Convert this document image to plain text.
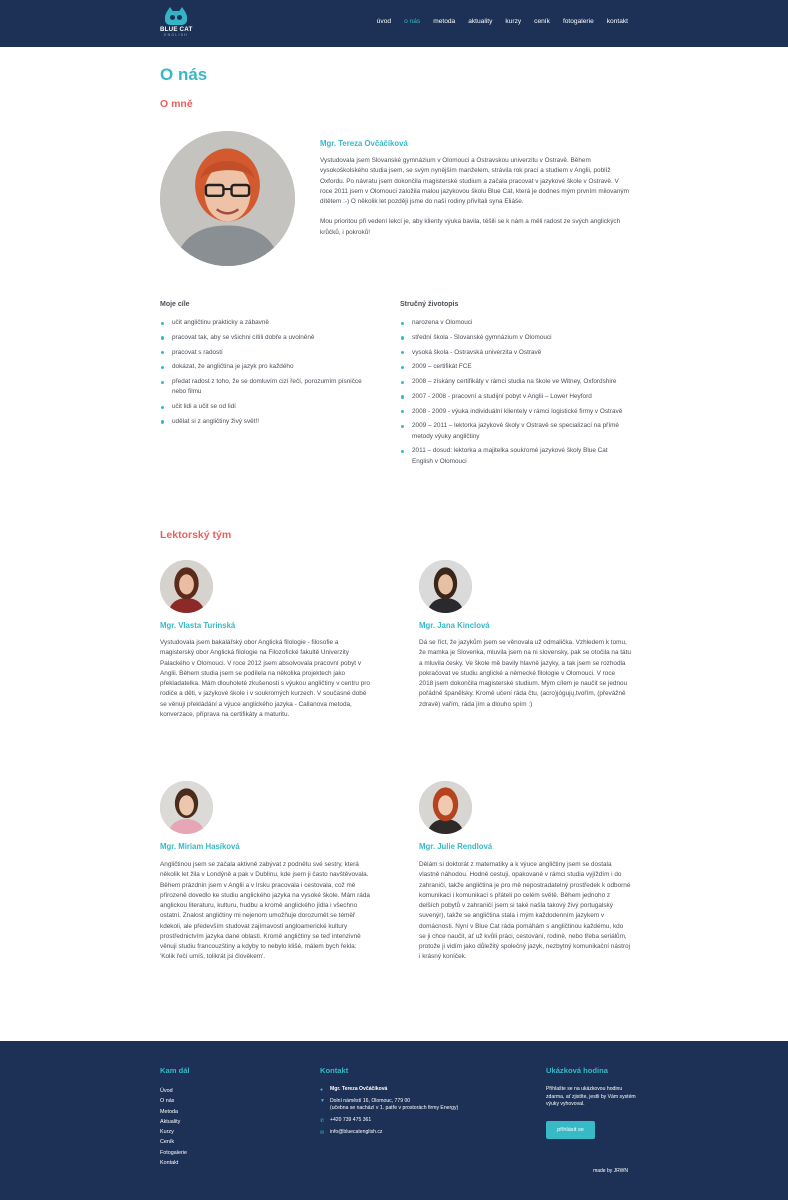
BLUE CAT
ENGLISH
úvod o nás metoda aktuality kurzy ceník fotogalerie kontakt
O nás
O mně
Mgr. Tereza Ovčáčíková

Vystudovala jsem Slovanské gymnázium v Olomouci a Ostravskou univerzitu v Ostravě. Během vysokoškolského studia jsem, se svým nynějším manželem, strávila rok prací a studiem v Anglii, poblíž Oxfordu. Po návratu jsem dokončila magisterské studium a začala pracovat v jazykové škole v Ostravě. V roce 2011 jsem v Olomouci založila malou jazykovou školu Blue Cat, která je dodnes mým prvním milovaným dítětem :-) O několik let později jsme do naší rodiny přivítali syna Eliáše.

Mou prioritou při vedení lekcí je, aby klienty výuka bavila, těšili se k nám a měli radost ze svých anglických krůčků, i pokroků!

Moje cíle
učit angličtinu prakticky a zábavně
pracovat tak, aby se všichni cítili dobře a uvolněně
pracovat s radostí
dokázat, že angličtina je jazyk pro každého
předat radost z toho, že se domluvím cizí řečí, porozumím písničce nebo filmu
učit lidi a učit se od lidí
udělat si z angličtiny živý svět!!
Stručný životopis
narozena v Olomouci
střední škola - Slovanské gymnázium v Olomouci
vysoká škola - Ostravská univerzita v Ostravě
2009 – certifikát FCE
2008 – získány certifikáty v rámci studia na škole ve Witney, Oxfordshire
2007 - 2008 - pracovní a studijní pobyt v Anglii – Lower Heyford
2008 - 2009 - výuka individuální klientely v rámci logistické firmy v Ostravě
2009 – 2011 – lektorka jazykové školy v Ostravě se specializací na přímé metody výuky angličtiny
2011 – dosud: lektorka a majitelka soukromé jazykové školy Blue Cat English v Olomouci
Lektorský tým
Mgr. Vlasta Turinská
Vystudovala jsem bakalářský obor Anglická filologie - filosofie a magisterský obor Anglická filologie na Filozofické fakultě Univerzity Palackého v Olomouci. V roce 2012 jsem absolvovala pracovní pobyt v Anglii. Během studia jsem se podílela na několika projektech jako překladatelka. Mám dlouholeté zkušenosti s výukou angličtiny v centru pro rodiče a děti, v jazykové škole i v soukromých kurzech. V současné době se věnuji překládání a výuce anglického jazyka - Callanova metoda, konverzace, příprava na certifikáty a maturitu.
Mgr. Jana Kinclová
Dá se říct, že jazykům jsem se věnovala už odmalička. Vzhledem k tomu, že mamka je Slovenka, mluvila jsem na ni slovensky, pak se otočila na tátu a mluvila česky. Ve škole mě bavily hlavně jazyky, a tak jsem se rozhodla pokračovat ve studiu anglické a německé filologie v Olomouci. V roce 2018 jsem dokončila magisterské studium. Mým cílem je naučit se jednou pořádně španělsky. Kromě učení ráda čtu, (acro)jógujų,tvořím, (převážně zdravě) vařím, ráda jím a dlouho spím :)
Mgr. Miriam Hasíková
Angličtinou jsem se začala aktivně zabývat z podnětu své sestry, která několik let žila v Londýně a pak v Dublinu, kde jsem ji často navštěvovala. Během prázdnin jsem v Anglii a v Irsku pracovala i cestovala, což mě přirozeně dovedlo ke studiu anglického jazyka na vysoké škole. Mám ráda anglickou literaturu, kulturu, hudbu a kromě anglického jídla i všechno ostatní. Znalost angličtiny mi nejenom umožňuje dorozumět se téměř kdekoli, ale především studovat zajímavosti angloamerické kultury prostřednictvím jazyka dané oblasti. Kromě angličtiny se teď intenzivně věnuji studiu francouzštiny a kdyby to nebylo klišé, málem bych řekla: 'Kolik řečí umíš, tolikrát jsi člověkem'.
Mgr. Julie Rendlová
Dělám si doktorát z matematiky a k výuce angličtiny jsem se dostala vlastně náhodou. Hodně cestuji, opakovaně v rámci studia vyjíždím i do zahraničí, takže angličtina je pro mě nepostradatelný prostředek k odborné komunikaci i komunikaci s přáteli po celém světě. Během jednoho z delších pobytů v zahraničí jsem si také našla takový živý portugalský suvenýr), takže se angličtina stala i mým každodenním jazykem v domácnosti. Nyní v Blue Cat ráda pomáhám s angličtinou každému, kdo se ji chce naučit, ať už kvůli práci, cestování, rodině, nebo třeba seriálům, protože ji vidím jako důležitý společný jazyk, nezbytný komunikační nástroj i krásný koníček.
Kam dál
Úvod
O nás
Metoda
Aktuality
Kurzy
Ceník
Fotogalerie
Kontakt
Kontakt
● Mgr. Tereza Ovčáčíková
▼ Dolní náměstí 16, Olomouc, 779 00
(učebna se nachází v 1. patře v prostorách firmy Energy)
✆ +420 739 475 361
✉ info@bluecatenglish.cz
Ukázková hodina
Přihlašte se na ukázkovou hodinu zdarma, ať zjistíte, jestli by Vám systém výuky vyhovoval.
přihlásit se
made by JRWN
